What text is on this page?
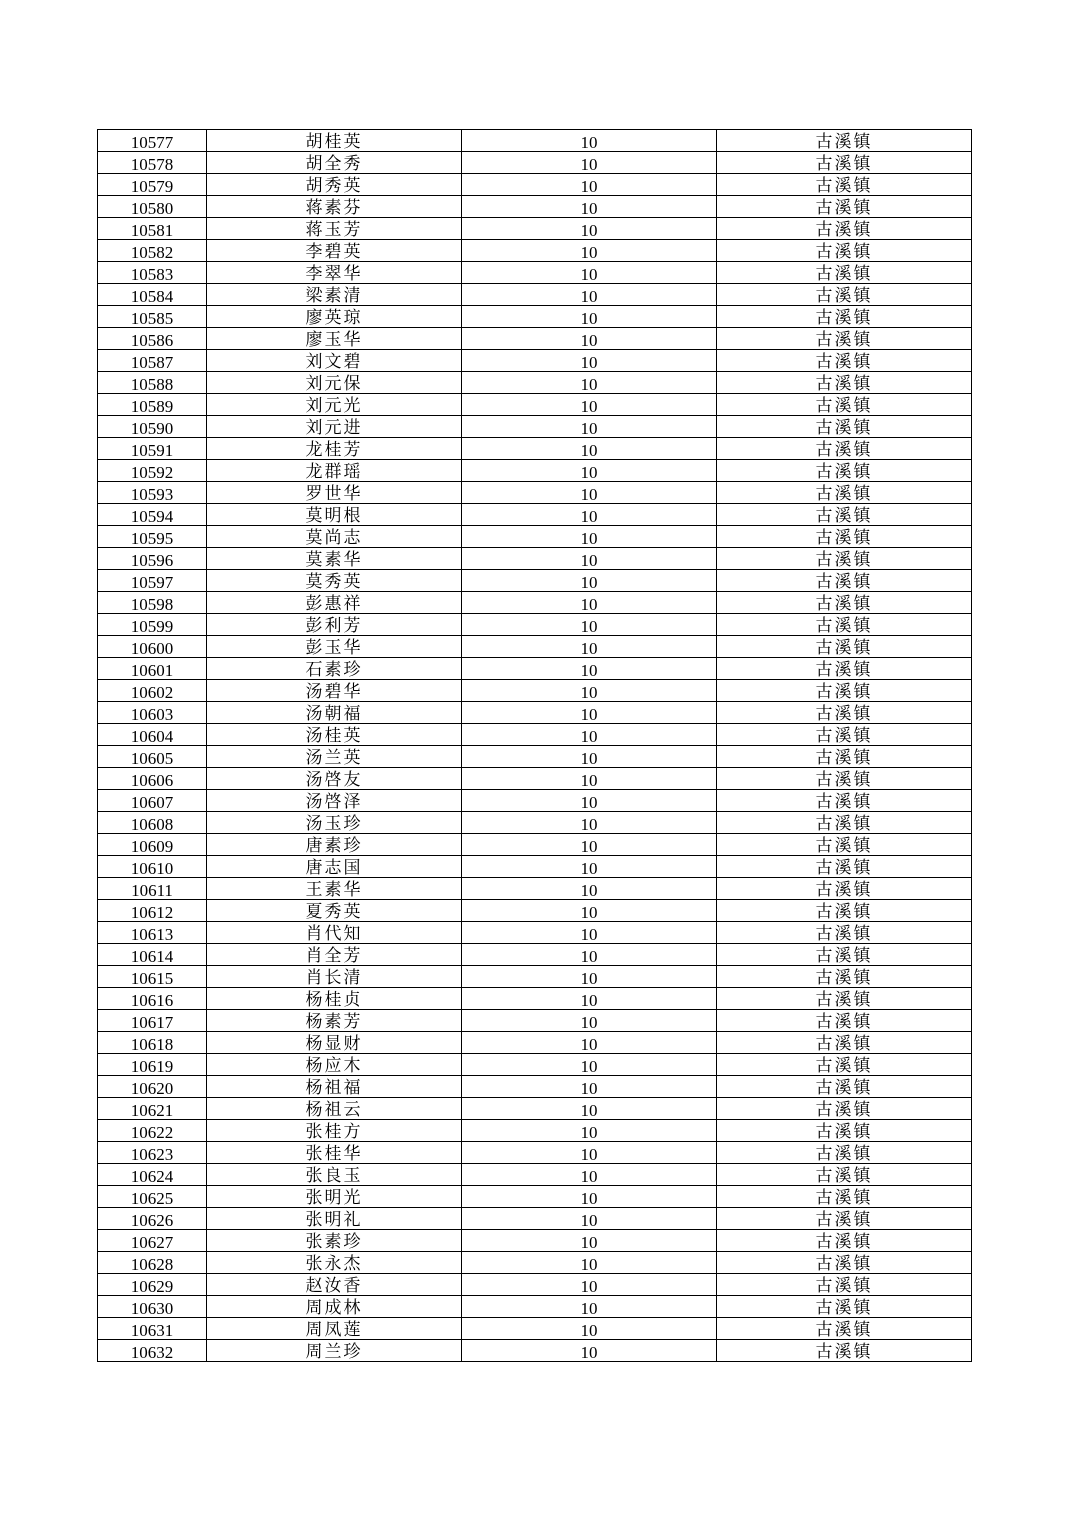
10577	胡桂英	10	古溪镇
10578	胡全秀	10	古溪镇
10579	胡秀英	10	古溪镇
10580	蒋素芬	10	古溪镇
10581	蒋玉芳	10	古溪镇
10582	李碧英	10	古溪镇
10583	李翠华	10	古溪镇
10584	梁素清	10	古溪镇
10585	廖英琼	10	古溪镇
10586	廖玉华	10	古溪镇
10587	刘文碧	10	古溪镇
10588	刘元保	10	古溪镇
10589	刘元光	10	古溪镇
10590	刘元进	10	古溪镇
10591	龙桂芳	10	古溪镇
10592	龙群瑶	10	古溪镇
10593	罗世华	10	古溪镇
10594	莫明根	10	古溪镇
10595	莫尚志	10	古溪镇
10596	莫素华	10	古溪镇
10597	莫秀英	10	古溪镇
10598	彭惠祥	10	古溪镇
10599	彭利芳	10	古溪镇
10600	彭玉华	10	古溪镇
10601	石素珍	10	古溪镇
10602	汤碧华	10	古溪镇
10603	汤朝福	10	古溪镇
10604	汤桂英	10	古溪镇
10605	汤兰英	10	古溪镇
10606	汤啓友	10	古溪镇
10607	汤啓泽	10	古溪镇
10608	汤玉珍	10	古溪镇
10609	唐素珍	10	古溪镇
10610	唐志国	10	古溪镇
10611	王素华	10	古溪镇
10612	夏秀英	10	古溪镇
10613	肖代知	10	古溪镇
10614	肖全芳	10	古溪镇
10615	肖长清	10	古溪镇
10616	杨桂贞	10	古溪镇
10617	杨素芳	10	古溪镇
10618	杨显财	10	古溪镇
10619	杨应木	10	古溪镇
10620	杨祖福	10	古溪镇
10621	杨祖云	10	古溪镇
10622	张桂方	10	古溪镇
10623	张桂华	10	古溪镇
10624	张良玉	10	古溪镇
10625	张明光	10	古溪镇
10626	张明礼	10	古溪镇
10627	张素珍	10	古溪镇
10628	张永杰	10	古溪镇
10629	赵汝香	10	古溪镇
10630	周成林	10	古溪镇
10631	周凤莲	10	古溪镇
10632	周兰珍	10	古溪镇
